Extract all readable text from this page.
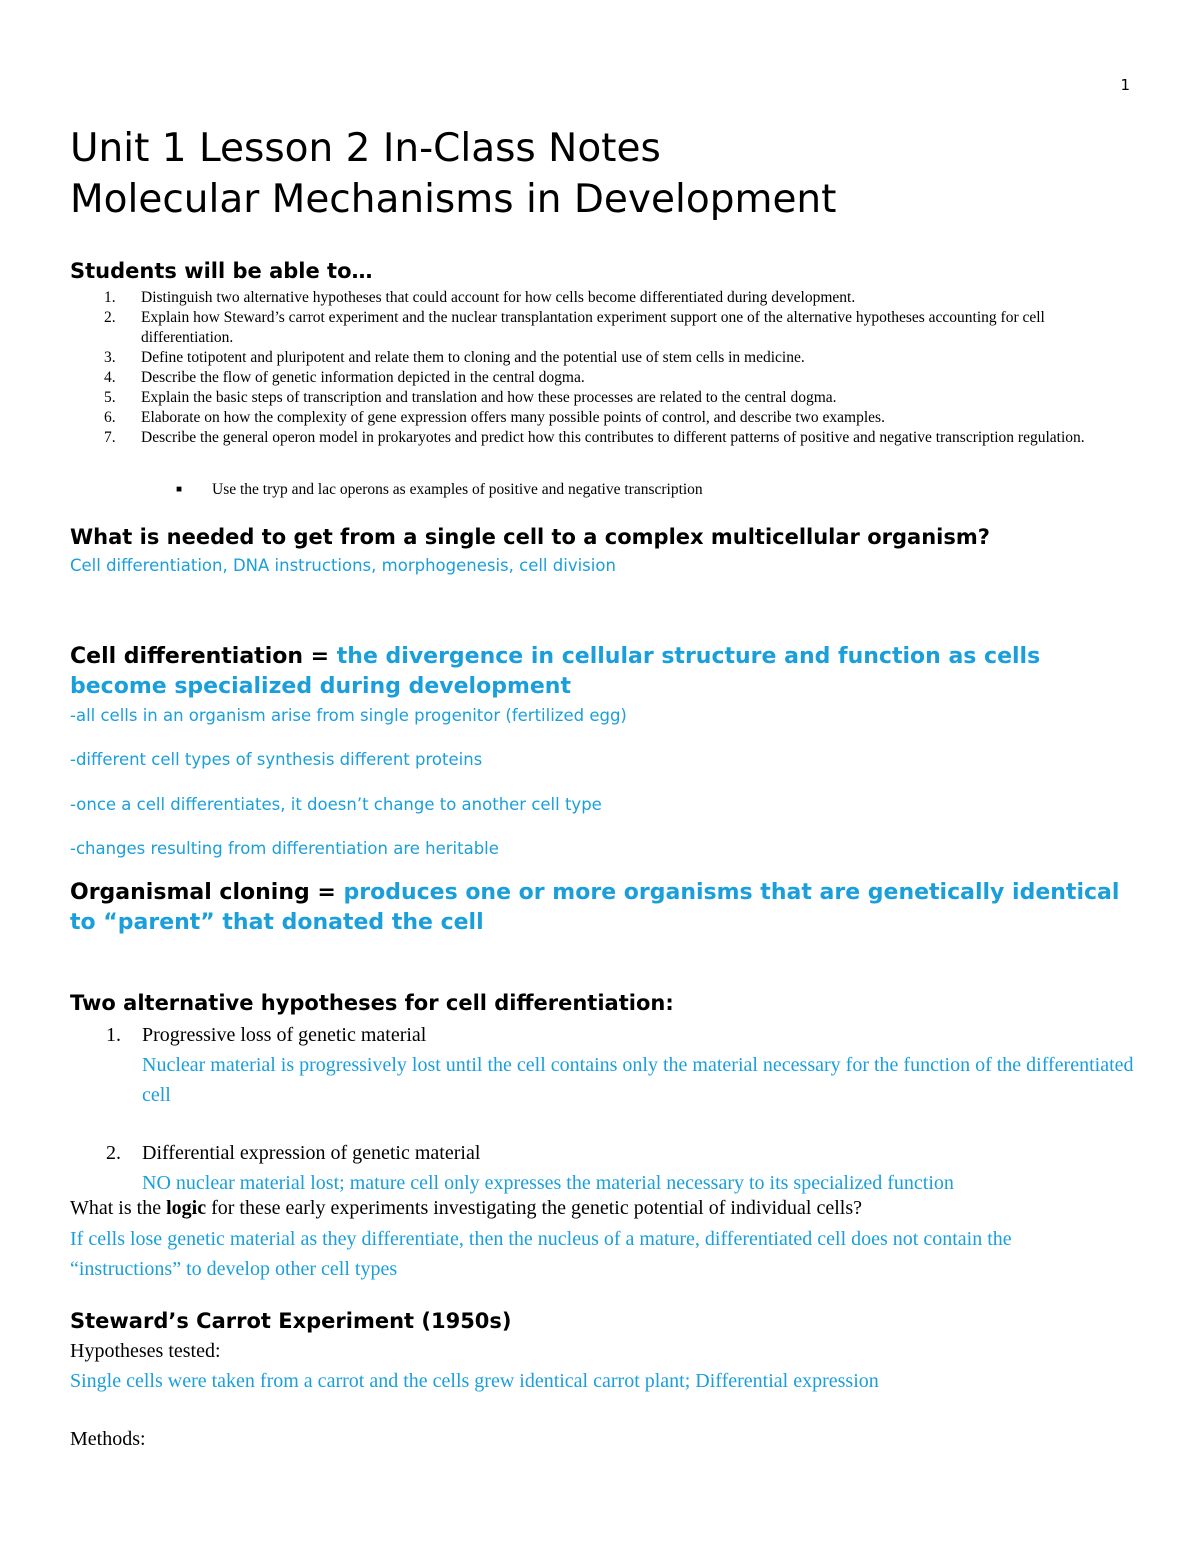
1
Unit 1 Lesson 2 In-Class Notes
Molecular Mechanisms in Development
Students will be able to…
1. Distinguish two alternative hypotheses that could account for how cells become differentiated during development.
2. Explain how Steward’s carrot experiment and the nuclear transplantation experiment support one of the alternative hypotheses accounting for cell differentiation.
3. Define totipotent and pluripotent and relate them to cloning and the potential use of stem cells in medicine.
4. Describe the flow of genetic information depicted in the central dogma.
5. Explain the basic steps of transcription and translation and how these processes are related to the central dogma.
6. Elaborate on how the complexity of gene expression offers many possible points of control, and describe two examples.
7. Describe the general operon model in prokaryotes and predict how this contributes to different patterns of positive and negative transcription regulation.
■ Use the tryp and lac operons as examples of positive and negative transcription
What is needed to get from a single cell to a complex multicellular organism?
Cell differentiation, DNA instructions, morphogenesis, cell division
Cell differentiation = the divergence in cellular structure and function as cells become specialized during development
-all cells in an organism arise from single progenitor (fertilized egg)
-different cell types of synthesis different proteins
-once a cell differentiates, it doesn’t change to another cell type
-changes resulting from differentiation are heritable
Organismal cloning = produces one or more organisms that are genetically identical to “parent” that donated the cell
Two alternative hypotheses for cell differentiation:
1. Progressive loss of genetic material
Nuclear material is progressively lost until the cell contains only the material necessary for the function of the differentiated cell
2. Differential expression of genetic material
NO nuclear material lost; mature cell only expresses the material necessary to its specialized function
What is the logic for these early experiments investigating the genetic potential of individual cells?
If cells lose genetic material as they differentiate, then the nucleus of a mature, differentiated cell does not contain the “instructions” to develop other cell types
Steward’s Carrot Experiment (1950s)
Hypotheses tested:
Single cells were taken from a carrot and the cells grew identical carrot plant; Differential expression
Methods:
